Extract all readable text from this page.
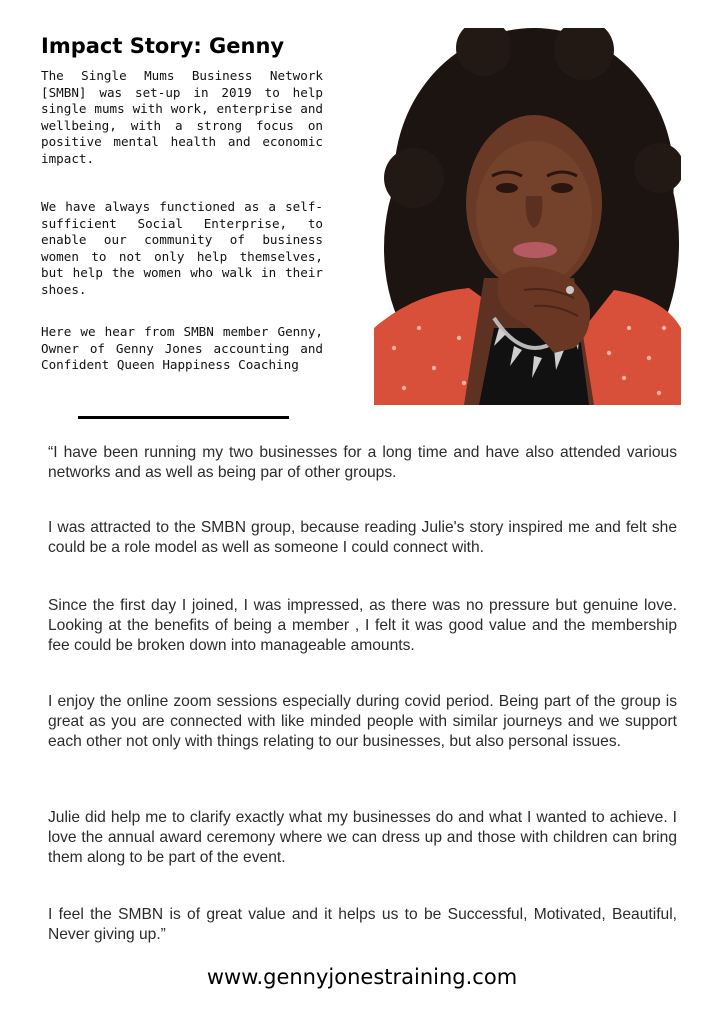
Impact Story: Genny
The Single Mums Business Network [SMBN] was set-up in 2019 to help single mums with work, enterprise and wellbeing, with a strong focus on positive mental health and economic impact.
We have always functioned as a self-sufficient Social Enterprise, to enable our community of business women to not only help themselves, but help the women who walk in their shoes.
Here we hear from SMBN member Genny, Owner of Genny Jones accounting and Confident Queen Happiness Coaching
“I have been running my two businesses for a long time and have also attended various networks and as well as being par of other groups.
I was attracted to the SMBN group, because reading Julie's story inspired me and felt she could be a role model as well as someone I could connect with.
Since the first day I joined, I was impressed, as there was no pressure but genuine love. Looking at the benefits of being a member , I felt it was good value and the membership fee could be broken down into manageable amounts.
I enjoy the online zoom sessions especially during covid period. Being part of the group is great as you are connected with like minded people with similar journeys and we support each other not only with things relating to our businesses, but also personal issues.
Julie did help me to clarify exactly what my businesses do and what I wanted to achieve. I love the annual award ceremony where we can dress up and those with children can bring them along to be part of the event.
I feel the SMBN is of great value and it helps us to be Successful, Motivated, Beautiful, Never giving up.”
www.gennyjonestraining.com
